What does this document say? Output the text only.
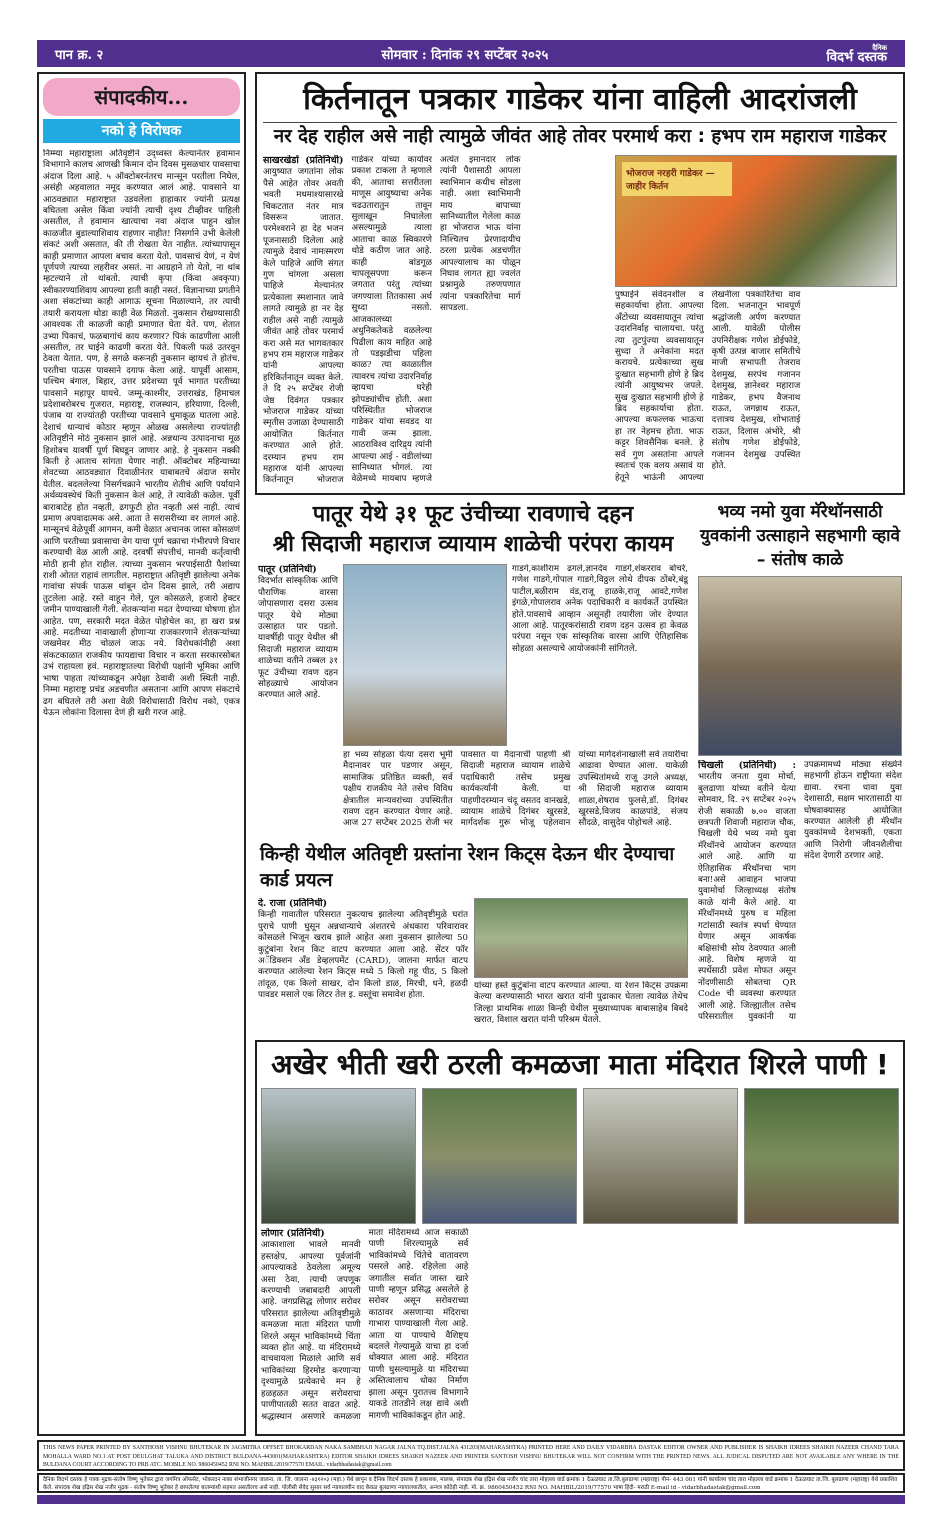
पान क्र. २	सोमवार : दिनांक २९ सप्टेंबर २०२५
दैनिक
विदर्भ दस्तक
संपादकीय...
नको हे विरोधक
निम्म्या महाराष्ट्राला अतिवृष्टीने उद्ध्वस्त केल्यानंतर हवामान विभागाने कालच आणखी किमान दोन दिवस मुसळधार पावसाचा अंदाज दिला आहे. ५ ऑक्टोबरनंतरच मान्सून परतीला निघेल, असंही अहवालात नमूद करण्यात आलं आहे. पावसाने या आठवड्यात महाराष्ट्रात उडवलेला हाहाकार ज्यांनी प्रत्यक्ष बघितला असेल किंवा ज्यांनी त्याची दृश्य टीव्हीवर पाहिली असतील, ते हवामान खात्याचा नवा अंदाज पाहून खोल काळजीत बुडाल्याशिवाय राहणार नाहीत! निसर्गाने उभी केलेली संकटं अशी असतात, की ती रोखता येत नाहीत. त्यांच्यापासून काही प्रमाणात आपला बचाव करता येतो. पावसाचं येणं, न येणं पूर्णपणे त्याच्या लहरीवर असतं. ना आग्रहाने तो येतो, ना थांब म्हटल्याने तो थांबतो. त्याची कृपा (किंवा अवकृपा) स्वीकारण्याशिवाय आपल्या हाती काही नसतं. विज्ञानाच्या प्रगतीने अशा संकटांच्या काही आगाऊ सूचना मिळाल्याने, तर त्याची तयारी करायला थोडा काही वेळ मिळतो. नुकसान रोखण्यासाठी आवश्यक ती काळजी काही प्रमाणात घेता येते. पण, शेतात उभ्या पिकाचं, फळबागांचं काय करणार? पिकं काढणीला आली असतील, तर घाईने काढणी करता येते. पिकली फळं उतरवून ठेवता येतात. पण, हे सगळे करूनही नुकसान व्हायचं ते होतंच. परतीचा पाऊस पावसाने दगाफ केला आहे. यापूर्वी आसाम, पश्चिम बंगाल, बिहार, उत्तर प्रदेशच्या पूर्व भागात परतीच्या पावसाने महापूर यायचे. जम्मू-काश्मीर, उत्तराखंड, हिमाचल प्रदेशाबरोबरच गुजरात, महाराष्ट्र, राजस्थान, हरियाणा, दिल्ली, पंजाब या राज्यांतही परतीच्या पावसाने धुमाकूळ घातला आहे. देशाचं धान्याचं कोठार म्हणून ओळख असलेल्या राज्यांतही अतिवृष्टीने मोठं नुकसान झालं आहे. अन्नधान्य उत्पादनाचा मूळ हिशोबच यावर्षी पूर्ण बिघडून जाणार आहे. हे नुकसान नक्की किती हे आताच सांगता येणार नाही. ऑक्टोबर महिन्याच्या शेवटच्या आठवड्यात दिवाळीनंतर याबाबतचे अंदाज समोर येतील. बदललेल्या निसर्गचक्राने भारतीय शेतीचं आणि पर्यायाने अर्थव्यवस्थेचं किती नुकसान केलं आहे, ते त्यावेळी कळेल. पूर्वी बाराबाटेह होत नव्हती, ढगफुटी होत नव्हती असं नाही. त्याचं प्रमाण अपवादात्मक असे. आता ते सरासरीच्या वर लागलं आहे. मान्सूनचं वेळेपूर्वी आगमन, कमी वेळात अचानक जास्त कोसळणं आणि परतीच्या प्रवासाचा वेग याचा पूर्ण चक्राचा गंभीरपणे विचार करण्याची वेळ आली आहे. दरवर्षी संपत्तीचं, मानवी कर्तृत्वाची मोठी हानी होत राहील. त्याच्या नुकसान भरपाईसाठी पैशांच्या राशी ओतत राहावं लागतील. महाराष्ट्रात अतिवृष्टी झालेल्या अनेक गावांचा संपर्क पाऊस थांबून दोन दिवस झाले, तरी अद्याप तुटलेला आहे. रस्ते वाहून गेले, पूल कोसळले, हजारो हेक्टर जमीन पाण्याखाली गेली. शेतकऱ्यांना मदत देण्याच्या घोषणा होत आहेत. पण, सरकारी मदत वेळेत पोहोचेल का, हा खरा प्रश्न आहे. मदतीच्या नावाखाली होणाऱ्या राजकारणाने शेतकऱ्यांच्या जखमेवर मीठ चोळलं जाऊ नये. विरोधकांनीही अशा संकटकाळात राजकीय फायद्याचा विचार न करता सरकारसोबत उभं राहायला हवं. महाराष्ट्रातल्या विरोधी पक्षांनी भूमिका आणि भाषा पाहता त्यांच्याकडून अपेक्षा ठेवावी अशी स्थिती नाही. निम्मा महाराष्ट्र प्रचंड अडचणीत असताना आणि आपण संकटाचे ढग बघितले तरी अशा वेळी विरोधासाठी विरोध नको, एकत्र येऊन लोकांना दिलासा देणं ही खरी गरज आहे.
किर्तनातून पत्रकार गाडेकर यांना वाहिली आदरांजली
नर देह राहील असे नाही त्यामुळे जीवंत आहे तोवर परमार्थ करा : हभप राम महाराज गाडेकर
साखरखेर्डा (प्रतिनिधी) आयुष्यात जगतांना लोक पैसे आहेत तोवर अवती भवती मधमाश्यासारखे चिकटतात नंतर मात्र विसरून जातात. परमेश्वराने हा देह भजन पूजनासाठी दिलेला आहे त्यामुळे देवाचं नामःस्मरण केले पाहिजे आणि संगत गुण चांगला असला पाहिजे मेल्यानंतर प्रत्येकाला स्मशानात जावे लागते त्यामुळे हा नर देह राहील असे नाही त्यामुळे जीवंत आहे तोवर परमार्थ करा असे मत भागवतकार हभप राम महाराज गाडेकर यांनी आपल्या हरिकिर्तनातून व्यक्त केले. ते दि २५ सप्टेंबर रोजी जेष्ठ दिवंगत पत्रकार भोजराज गाडेकर यांच्या स्मृतीस उजाळा देण्यासाठी आयोजित किर्तनात करण्यात आले होते. दरम्यान हभप राम महाराज यांनी आपल्या किर्तनातून भोजराज गाडेकर यांच्या कार्यावर प्रकाश टाकला ते म्हणाले की, आताचा सत्तरीतला माणूस आयुष्याचा अनेक चढउतारातुन तावून सुलाखून निघालेला असल्यामुळे त्याला आताचा काळ स्विकारणे थोडे कठीण जात आहे. काही बांडगूळ चापलूसपणा करून जगतात परंतु त्यांच्या जगण्याला तितकासा अर्थ सुध्दा नसतो. आजकालच्या अधुनिकतेकडे वळलेल्या पिढीला काय माहित आहे तो पडझडीचा पहिला काळ? त्या काळातील त्यावरच त्यांचा उदारनिर्वाह व्हायचा घरेही झोपड्यांचीच होती. अशा परिस्थितीत भोजराज गाडेकर यांचा सवडद या गावी जन्म झाला. आठराविश्व दारिद्र्य त्यांनी आपल्या आई - वडीलांच्या सानिध्यात भोगलं. त्या वेळेमध्ये मायबाप म्हणजे अत्यंत इमानदार लोक त्यांनी पैशासाठी आपला स्वाभिमान कधीच सोडला नाही. अशा स्वाभिमानी माय बापाच्या सानिध्यातील गेलेला काळ हा भोजराज भाऊ यांना निश्चितच प्रेरणादायीच ठरला प्रत्येक अडचणीत आपल्यालाच का पोळून निघाव लागत ह्या ज्वलंत प्रश्नामुळे तरुणपणात त्यांना पत्रकारितेचा मार्ग सापडला.
भोजराज नरहरी गाडेकर — जाहीर किर्तन
पुष्पाईने संवेदनशील व सहकार्याचा होता. आपल्या अँटोच्या व्यवसायातून त्यांचा उदारनिर्वाह चालायचा. परंतु त्या तुटपुंज्या व्यवसायातून सुध्दा ते अनेकांना मदत करायचे. प्रत्येकाच्या सुख दुःखात सहभागी होणे हे ब्रिद त्यांनी आयुष्यभर जपले. सुख दुःखात सहभागी होणे हे ब्रिद सहकार्याचा होता. आपल्या कफल्लक भाऊचा हा तर नेहमच होता. भाऊ कट्टर शिवसैनिक बनले. हे सर्व गुण असतांना आपले स्वतःचं एक वलय असावं या हेतूने भाऊंनी आपल्या लेखनीला पत्रकारितेचा वाव दिला. भजनातून भावपूर्ण श्रद्धांजली अर्पण करण्यात आली. यावेळी पोलीस उपनिरीक्षक गणेश डोईफोडे, कृषी उत्पन्न बाजार समितीचे माजी सभापती तेजराव देशमुख, सरपंच गजानन देशमुख, ज्ञानेश्वर महाराज गाडेकर, हभप वैजनाथ राऊत, जगन्नाथ राऊत, दत्तात्रय देशमुख, शोभाताई राऊत, दिलास अंभोरे, श्री संतोष गणेश डोईफोडे, गजानन देशमुख उपस्थित होते.
पातूर येथे ३१ फूट उंचीच्या रावणाचे दहन
श्री सिदाजी महाराज व्यायाम शाळेची परंपरा कायम
पातूर (प्रतिनिधी)
विदर्भात सांस्कृतिक आणि पौराणिक वारसा जोपासणारा दसरा उत्सव पातूर येथे मोठ्या उत्साहात पार पडतो. यावर्षीही पातूर येथील श्री सिदाजी महाराज व्यायाम शाळेच्या वतीने तब्बल ३१ फूट उंचीच्या रावण दहन सोहळ्याचे आयोजन करण्यात आले आहे.
गाडगे,काशीराम ढगले,ज्ञानदेव गाडगे,शंकरराव बोचरे, गणेश गाडगे,गोपाल गाडगे,विठ्ठल लोथे दीपक ठोंबरे,बंडू पाटील,बळीराम वंड,राजू हाळके,राजू आवटे,गणेश इंगळे,गोपालराव अनेक पदाधिकारी व कार्यकर्ते उपस्थित होते.पावसाचे आव्हान असूनही तयारीला जोर देण्यात आला आहे. पातूरकरांसाठी रावण दहन उत्सव हा केवळ परंपरा नसून एक सांस्कृतिक वारसा आणि ऐतिहासिक सोहळा असल्याचे आयोजकांनी सांगितले.
हा भव्य सोहळा येत्या दसरा भूमी मैदानावर पार पडणार असून, सामाजिक प्रतिष्ठित व्यक्ती, सर्व पक्षीय राजकीय नेते तसेच विविध क्षेत्रातील मान्यवरांच्या उपस्थितीत रावण दहन करण्यात येणार आहे. आज 27 सप्टेंबर 2025 रोजी भर पावसात या मैदानाची पाहणी श्री सिदाजी महाराज व्यायाम शाळेचे पदाधिकारी तसेच प्रमुख कार्यकर्त्यांनी केली. या पाहणीदरम्यान चंदू वसतद वानखडे, व्यायाम शाळेचे दिगंबर खुरसडे, मार्गदर्शक गुरू भोजू पहेलवान यांच्या मार्गदर्शनाखाली सर्व तयारीचा आढावा घेण्यात आला. याकेळी उपस्थितांमध्ये राजू उगले अध्यक्ष, श्री सिदाजी महाराज व्यायाम शाळा,शेषराव फुलसे,डॉ. दिगंबर खुरसडे,विजय काळपांडे, संजय सौंदळे, वासुदेव पोहोचले आहे.
भव्य नमो युवा मॅरेथॉनसाठी युवकांनी उत्साहाने सहभागी व्हावे – संतोष काळे
चिखली (प्रतिनिधी) : भारतीय जनता युवा मोर्चा, बुलढाणा यांच्या वतीने येत्या सोमवार, दि. २९ सप्टेंबर २०२५ रोजी सकाळी ७.०० वाजता छत्रपती शिवाजी महाराज चौक, चिखली येथे भव्य नमो युवा मॅरेथॉनचे आयोजन करण्यात आले आहे. आणि या ऐतिहासिक मॅरेथॉनचा भाग बना!असे आवाहन भाजपा युवामोर्चा जिल्हाध्यक्ष संतोष काळे यांनी केले आहे. या मॅरेथॉनमध्ये पुरुष व महिला गटांसाठी स्वतंत्र स्पर्धा घेण्यात येणार असून आकर्षक बक्षिसांची सोय ठेवण्यात आली आहे. विशेष म्हणजे या स्पर्धेसाठी प्रवेश मोफत असून नोंदणीसाठी सोबतचा QR Code ची व्यवस्था करण्यात आली आहे. जिल्ह्यातील तसेच परिसरातील युवकांनी या उपक्रमामध्ये मोठ्या संख्येने सहभागी होऊन राष्ट्रीयता संदेश द्यावा. रचना धावा युवा देशासाठी, सक्षम भारतासाठी या घोषवाक्यासह आयोजित करण्यात आलेली ही मॅरेथॉन युवकांमध्ये देशभक्ती, एकता आणि निरोगी जीवनशैलीचा संदेश देणारी ठरणार आहे.
किन्ही येथील अतिवृष्टी ग्रस्तांना रेशन किट्स देऊन धीर देण्याचा कार्ड प्रयत्न
दे. राजा (प्रतिनिधी)
किन्ही गावातील परिसरात नुकत्याच झालेल्या अतिवृष्टीमुळे घरांत पुराचे पाणी घुसून अन्नधान्याचे अंशतरचे अंधकारा परिवारावर कोसळले भिजून खराब झाले आहेत अशा नुकसान झालेल्या 50 कुटुंबांना रेशन किट वाटप करण्यात आला आहे. सेंटर फॉर अॅडिक्शन अँड डेव्हलपमेंट (CARD), जालना मार्फत वाटप करण्यात आलेल्या रेशन किट्स मध्ये 5 किलो गहू पीठ, 5 किलो तांदूळ, एक किलो साखर, दोन किलो डाळ, मिरची, धने, हळदी पावडर मसाले एक लिटर तेल इ. वस्तूंचा समावेश होता.
यांच्या हस्ते कुटुंबांना वाटप करण्यात आल्या. या रेशन किट्स उपक्रमा केल्या करण्यासाठी भारत खरात यांनी पुढाकार घेतला त्यावेळ तेथेच जिल्हा प्राथमिक शाळा किन्ही येथील मुख्याध्यापक बाबासाहेब बिबदे खरात, विशाल खरात यांनी परिश्रम घेतले.
अखेर भीती खरी ठरली कमळजा माता मंदिरात शिरले पाणी !
लोणार (प्रतिनिधी)
आकाशाला भावले मानवी हस्तक्षेप, आपल्या पूर्वजांनी आपल्याकडे ठेवलेला अमूल्य असा ठेवा, त्याची जपणूक करण्याची जबाबदारी आपली आहे. जगप्रसिद्ध लोणार सरोवर परिसरात झालेल्या अतिवृष्टीमुळे कमळजा माता मंदिरात पाणी शिरले असून भाविकांमध्ये चिंता व्यक्त होत आहे. या मंदिरामध्ये वाचवायला मिळाले आणि सर्व भाविकांच्या हिरमोड करणाऱ्या दृश्यामुळे प्रत्येकाचे मन हे हळहळत असून सरोवराचा पाणीपातळी सतत वाढत आहे. श्रद्धास्थान असणारे कमळजा माता मंदिरामध्ये आज सकाळी पाणी शिरल्यामुळे सर्व भाविकांमध्ये चिंतेचे वातावरण पसरले आहे. रहिलेला आहे जगातील सर्वात जास्त खारे पाणी म्हणून प्रसिद्ध असलेले हे सरोवर असून सरोवराच्या काठावर असणाऱ्या मंदिराचा गाभारा पाण्याखाली गेला आहे. आता या पाण्याचे वैशिष्ट्य बदलले गेल्यामुळे याचा हा दर्जा धोक्यात आला आहे. मंदिरात पाणी घुसल्यामुळे या मंदिराच्या अस्तित्वालाच धोका निर्माण झाला असून पुरातत्त्व विभागाने याकडे तातडीने लक्ष द्यावे अशी मागणी भाविकांकडून होत आहे.
THIS NEWS PAPER PRINTED BY SANTHOSH VISHNU BHUTEKAR IN JAGMITRA OFFSET BHOKARDAN NAKA SAMBHAJI NAGAR JALNA TQ.DIST.JALNA 431203(MAHARASHTRA) PRINTED HERE AND DAILY VIDARBHA DASTAK EDITOR OWNER AND PUBLISHER IS SHAIKH IDREES SHAIKH NAZEER CHAND TARA MOHALLA WARD NO.1 AT POST DEULGHAT TALUKA AND DISTRICT BULDANA-443001(MAHARASHTRA) EDITOR SHAIKH IDREES SHAIKH NAZEER AND PRINTER SANTOSH VISHNU BHUTEKAR WILL NOT CONFIRM WITH THE PRINTED NEWS. ALL JUDICAL DISPUTED ARE NOT AVAILABLE ANY WHERE IN THE BULDANA COURT ACCORDING TO PRB ATC. MOBILE NO. 9860450452 RNI NO. MAHBIL/2019/77570 EMAIL. vidarbhadastak@gmail.com
दैनिक विदर्भ दस्तक हे पत्रक मुद्रक-संतोष विष्णू भुतेकर द्वारा जगमित्र ऑफसेट, भोकरदन नाका संभाजीनगर जालना, ता. जि. जालना -४३१२०३ (महा.) येथे छापून व दैनिक विदर्भ दस्तक हे प्रकाशक, मालक, संपादक शेख इद्रिस शेख नजीर चांद तारा मोहल्ला वार्ड क्रमांक 1 देऊळघाट ता.जि.बुलढाणा (महाराष्ट्र) पीन- 443 001 यांनी कार्यालय चांद तारा मोहल्ला वार्ड क्रमांक 1 देऊळघाट ता.जि. बुलढाणा (महाराष्ट्र) येथे प्रकाशित केले. संपादक शेख इद्रिस शेख नजीर मुद्रक - संतोष विष्णू भुतेकर हे छापलेल्या बातम्यांशी सहमत असतीलच असे नाही. पोलीसी सेवेद सुसार सर्व न्यायालयीन वाद केवळ बुलढाणा न्यायालयातील, अन्यत्र कोठेही नाही. मो. क्र. 9860450452 RNI NO. MAHBIL/2019/77570 भाषा हिंदी- मराठी E-mail id - vidarbhadastak@gmail.com
